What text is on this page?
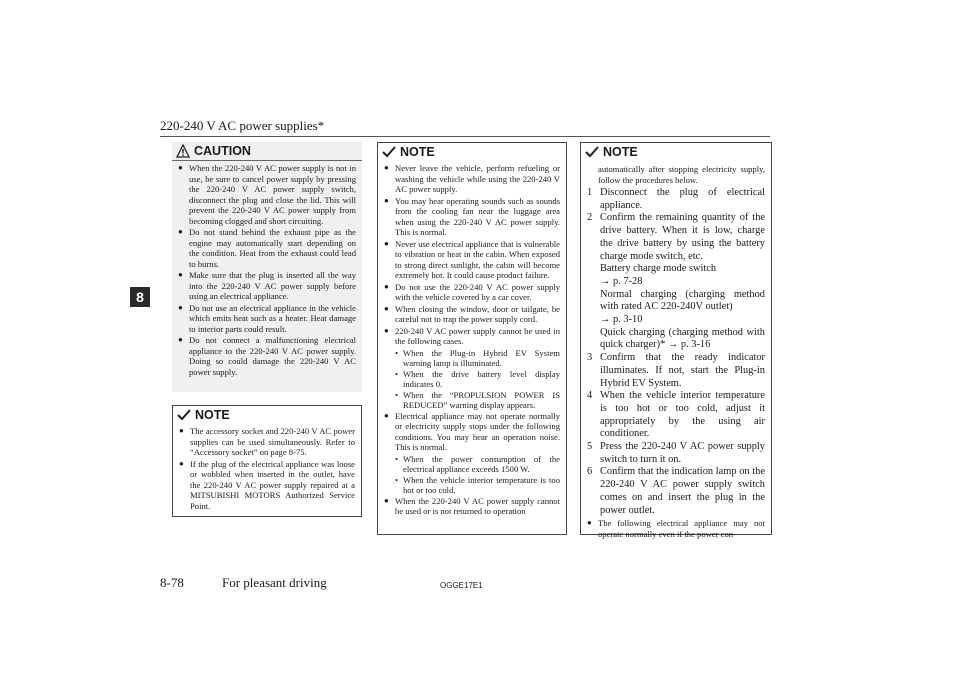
220-240 V AC power supplies*
8
CAUTION
● When the 220-240 V AC power supply is not in use, be sure to cancel power supply by pressing the 220-240 V AC power supply switch, disconnect the plug and close the lid. This will prevent the 220-240 V AC power supply from becoming clogged and short circuiting.
● Do not stand behind the exhaust pipe as the engine may automatically start depending on the condition. Heat from the exhaust could lead to burns.
● Make sure that the plug is inserted all the way into the 220-240 V AC power supply before using an electrical appliance.
● Do not use an electrical appliance in the vehicle which emits heat such as a heater. Heat damage to interior parts could result.
● Do not connect a malfunctioning electrical appliance to the 220-240 V AC power supply. Doing so could damage the 220-240 V AC power supply.
NOTE
● The accessory socket and 220-240 V AC power supplies can be used simultaneously. Refer to “Accessory socket” on page 8-75.
● If the plug of the electrical appliance was loose or wobbled when inserted in the outlet, have the 220-240 V AC power supply repaired at a MITSUBISHI MOTORS Authorized Service Point.
NOTE
● Never leave the vehicle, perform refueling or washing the vehicle while using the 220-240 V AC power supply.
● You may hear operating sounds such as sounds from the cooling fan near the luggage area when using the 220-240 V AC power supply. This is normal.
● Never use electrical appliance that is vulnerable to vibration or heat in the cabin. When exposed to strong direct sunlight, the cabin will become extremely hot. It could cause product failure.
● Do not use the 220-240 V AC power supply with the vehicle covered by a car cover.
● When closing the window, door or tailgate, be careful not to trap the power supply cord.
● 220-240 V AC power supply cannot be used in the following cases.
• When the Plug-in Hybrid EV System warning lamp is illuminated.
• When the drive battery level display indicates 0.
• When the “PROPULSION POWER IS REDUCED” warning display appears.
● Electrical appliance may not operate normally or electricity supply stops under the following conditions. You may hear an operation noise. This is normal.
• When the power consumption of the electrical appliance exceeds 1500 W.
• When the vehicle interior temperature is too hot or too cold.
● When the 220-240 V AC power supply cannot be used or is not returned to operation
NOTE
automatically after stopping electricity supply, follow the procedures below.
1 Disconnect the plug of electrical appliance.
2 Confirm the remaining quantity of the drive battery. When it is low, charge the drive battery by using the battery charge mode switch, etc.
Battery charge mode switch
→ p. 7-28
Normal charging (charging method with rated AC 220-240V outlet)
→ p. 3-10
Quick charging (charging method with quick charger)* → p. 3-16
3 Confirm that the ready indicator illuminates. If not, start the Plug-in Hybrid EV System.
4 When the vehicle interior temperature is too hot or too cold, adjust it appropriately by the using air conditioner.
5 Press the 220-240 V AC power supply switch to turn it on.
6 Confirm that the indication lamp on the 220-240 V AC power supply switch comes on and insert the plug in the power outlet.
● The following electrical appliance may not operate normally even if the power con-
8-78	For pleasant driving	OGGE17E1
